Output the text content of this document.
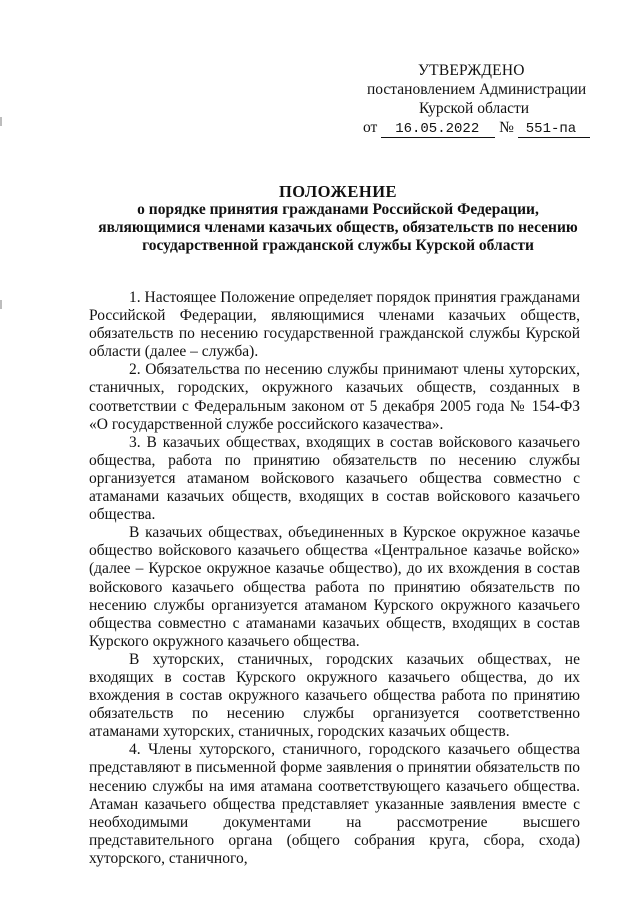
УТВЕРЖДЕНО
постановлением Администрации
Курской области
от 16.05.2022 № 551-па
ПОЛОЖЕНИЕ
о порядке принятия гражданами Российской Федерации,
являющимися членами казачьих обществ, обязательств по несению
государственной гражданской службы Курской области

1. Настоящее Положение определяет порядок принятия гражданами Российской Федерации, являющимися членами казачьих обществ, обязательств по несению государственной гражданской службы Курской области (далее – служба).

2. Обязательства по несению службы принимают члены хуторских, станичных, городских, окружного казачьих обществ, созданных в соответствии с Федеральным законом от 5 декабря 2005 года № 154-ФЗ «О государственной службе российского казачества».

3. В казачьих обществах, входящих в состав войскового казачьего общества, работа по принятию обязательств по несению службы организуется атаманом войскового казачьего общества совместно с атаманами казачьих обществ, входящих в состав войскового казачьего общества.

В казачьих обществах, объединенных в Курское окружное казачье общество войскового казачьего общества «Центральное казачье войско» (далее – Курское окружное казачье общество), до их вхождения в состав войскового казачьего общества работа по принятию обязательств по несению службы организуется атаманом Курского окружного казачьего общества совместно с атаманами казачьих обществ, входящих в состав Курского окружного казачьего общества.

В хуторских, станичных, городских казачьих обществах, не входящих в состав Курского окружного казачьего общества, до их вхождения в состав окружного казачьего общества работа по принятию обязательств по несению службы организуется соответственно атаманами хуторских, станичных, городских казачьих обществ.

4. Члены хуторского, станичного, городского казачьего общества представляют в письменной форме заявления о принятии обязательств по несению службы на имя атамана соответствующего казачьего общества. Атаман казачьего общества представляет указанные заявления вместе с необходимыми документами на рассмотрение высшего представительного органа (общего собрания круга, сбора, схода) хуторского, станичного,
